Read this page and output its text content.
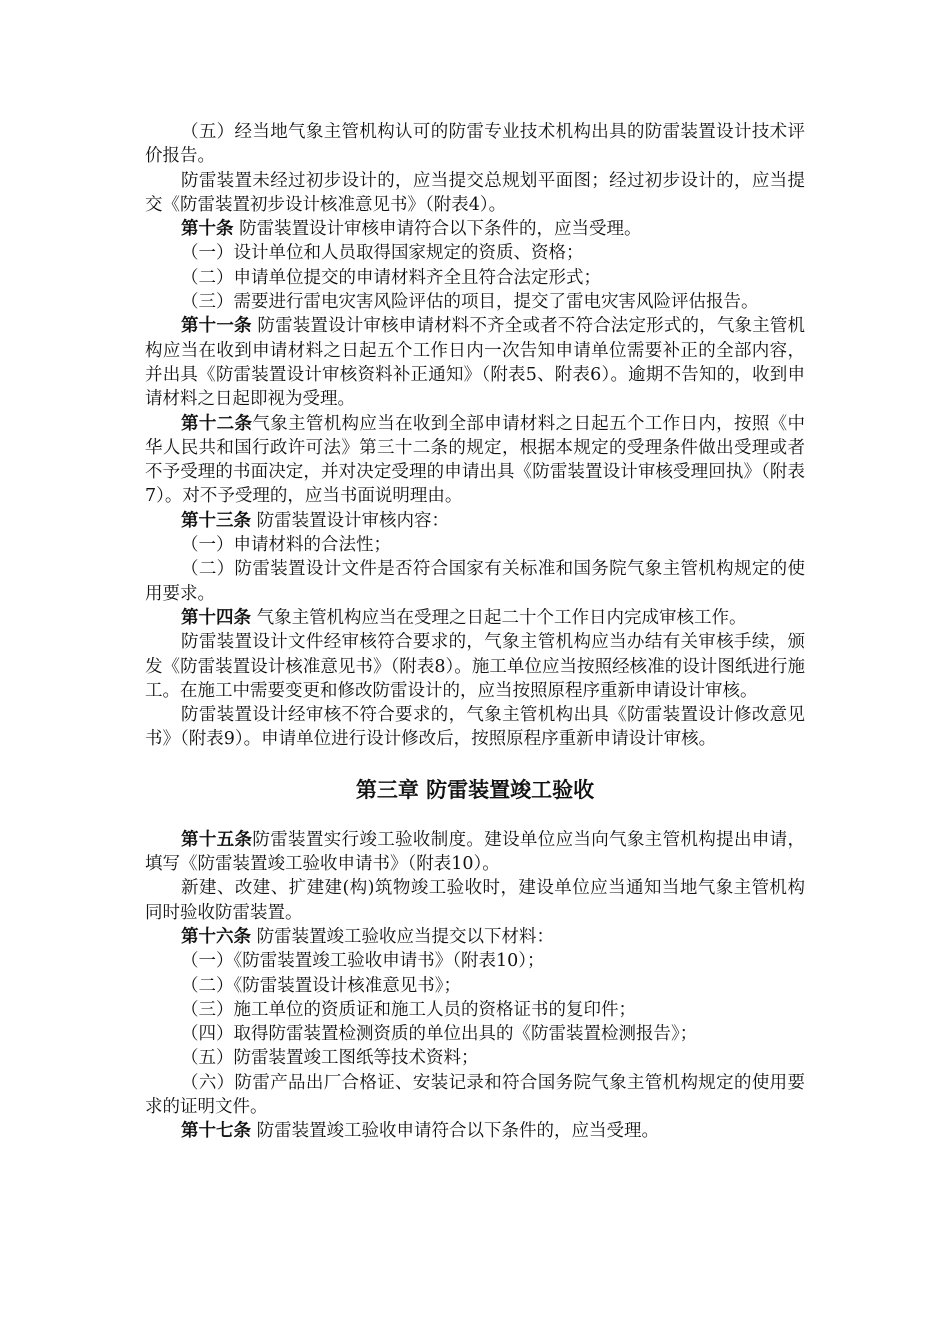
（五）经当地气象主管机构认可的防雷专业技术机构出具的防雷装置设计技术评价报告。

防雷装置未经过初步设计的，应当提交总规划平面图；经过初步设计的，应当提交《防雷装置初步设计核准意见书》（附表4）。

第十条 防雷装置设计审核申请符合以下条件的，应当受理。

（一）设计单位和人员取得国家规定的资质、资格；

（二）申请单位提交的申请材料齐全且符合法定形式；

（三）需要进行雷电灾害风险评估的项目，提交了雷电灾害风险评估报告。

第十一条 防雷装置设计审核申请材料不齐全或者不符合法定形式的，气象主管机构应当在收到申请材料之日起五个工作日内一次告知申请单位需要补正的全部内容，并出具《防雷装置设计审核资料补正通知》（附表5、附表6）。逾期不告知的，收到申请材料之日起即视为受理。

第十二条气象主管机构应当在收到全部申请材料之日起五个工作日内，按照《中华人民共和国行政许可法》第三十二条的规定，根据本规定的受理条件做出受理或者不予受理的书面决定，并对决定受理的申请出具《防雷装置设计审核受理回执》（附表7）。对不予受理的，应当书面说明理由。

第十三条 防雷装置设计审核内容：

（一）申请材料的合法性；

（二）防雷装置设计文件是否符合国家有关标准和国务院气象主管机构规定的使用要求。

第十四条 气象主管机构应当在受理之日起二十个工作日内完成审核工作。

防雷装置设计文件经审核符合要求的，气象主管机构应当办结有关审核手续，颁发《防雷装置设计核准意见书》（附表8）。施工单位应当按照经核准的设计图纸进行施工。在施工中需要变更和修改防雷设计的，应当按照原程序重新申请设计审核。

防雷装置设计经审核不符合要求的，气象主管机构出具《防雷装置设计修改意见书》（附表9）。申请单位进行设计修改后，按照原程序重新申请设计审核。

第三章 防雷装置竣工验收

第十五条防雷装置实行竣工验收制度。建设单位应当向气象主管机构提出申请，填写《防雷装置竣工验收申请书》（附表10）。

新建、改建、扩建建(构)筑物竣工验收时，建设单位应当通知当地气象主管机构同时验收防雷装置。

第十六条 防雷装置竣工验收应当提交以下材料：

（一）《防雷装置竣工验收申请书》（附表10）；

（二）《防雷装置设计核准意见书》；

（三）施工单位的资质证和施工人员的资格证书的复印件；

（四）取得防雷装置检测资质的单位出具的《防雷装置检测报告》；

（五）防雷装置竣工图纸等技术资料；

（六）防雷产品出厂合格证、安装记录和符合国务院气象主管机构规定的使用要求的证明文件。

第十七条 防雷装置竣工验收申请符合以下条件的，应当受理。
